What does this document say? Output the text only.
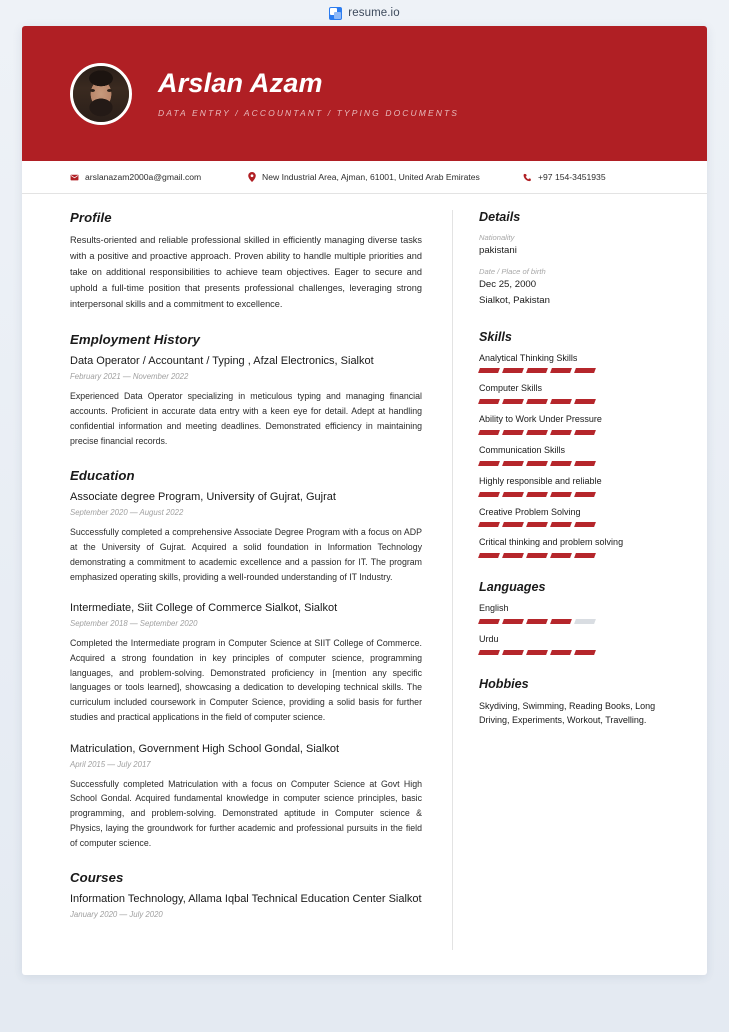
resume.io
Arslan Azam
DATA ENTRY / ACCOUNTANT / TYPING DOCUMENTS
arslanazam2000a@gmail.com	New Industrial Area, Ajman, 61001, United Arab Emirates	+97 154-3451935
Profile
Results-oriented and reliable professional skilled in efficiently managing diverse tasks with a positive and proactive approach. Proven ability to handle multiple priorities and take on additional responsibilities to achieve team objectives. Eager to secure and uphold a full-time position that presents professional challenges, leveraging strong interpersonal skills and a commitment to excellence.
Employment History
Data Operator / Accountant / Typing , Afzal Electronics, Sialkot
February 2021 — November 2022
Experienced Data Operator specializing in meticulous typing and managing financial accounts. Proficient in accurate data entry with a keen eye for detail. Adept at handling confidential information and meeting deadlines. Demonstrated efficiency in maintaining precise financial records.
Education
Associate degree Program, University of Gujrat, Gujrat
September 2020 — August 2022
Successfully completed a comprehensive Associate Degree Program with a focus on ADP at the University of Gujrat. Acquired a solid foundation in Information Technology demonstrating a commitment to academic excellence and a passion for IT. The program emphasized operating skills, providing a well-rounded understanding of IT Industry.
Intermediate, Siit College of Commerce Sialkot, Sialkot
September 2018 — September 2020
Completed the Intermediate program in Computer Science at SIIT College of Commerce. Acquired a strong foundation in key principles of computer science, programming languages, and problem-solving. Demonstrated proficiency in [mention any specific languages or tools learned], showcasing a dedication to developing technical skills. The curriculum included coursework in Computer Science, providing a solid basis for further studies and practical applications in the field of computer science.
Matriculation, Government High School Gondal, Sialkot
April 2015 — July 2017
Successfully completed Matriculation with a focus on Computer Science at Govt High School Gondal. Acquired fundamental knowledge in computer science principles, basic programming, and problem-solving. Demonstrated aptitude in Computer science & Physics, laying the groundwork for further academic and professional pursuits in the field of computer science.
Courses
Information Technology, Allama Iqbal Technical Education Center Sialkot
January 2020 — July 2020
Details
Nationality
pakistani
Date / Place of birth
Dec 25, 2000
Sialkot, Pakistan
Skills
Analytical Thinking Skills
Computer Skills
Ability to Work Under Pressure
Communication Skills
Highly responsible and reliable
Creative Problem Solving
Critical thinking and problem solving
Languages
English
Urdu
Hobbies
Skydiving, Swimming, Reading Books, Long Driving, Experiments, Workout, Travelling.
